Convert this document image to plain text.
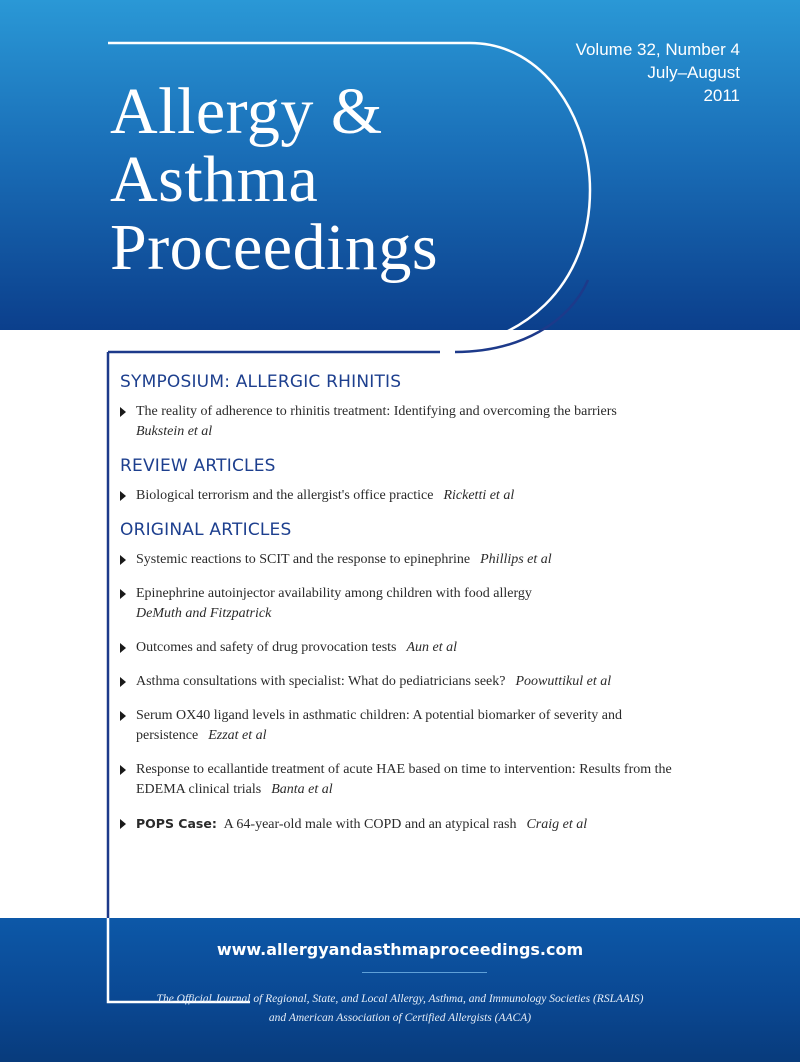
Volume 32, Number 4
July–August
2011
Allergy &
Asthma
Proceedings
SYMPOSIUM: ALLERGIC RHINITIS
The reality of adherence to rhinitis treatment: Identifying and overcoming the barriers
Bukstein et al
REVIEW ARTICLES
Biological terrorism and the allergist's office practice Ricketti et al
ORIGINAL ARTICLES
Systemic reactions to SCIT and the response to epinephrine Phillips et al
Epinephrine autoinjector availability among children with food allergy
DeMuth and Fitzpatrick
Outcomes and safety of drug provocation tests Aun et al
Asthma consultations with specialist: What do pediatricians seek? Poowuttikul et al
Serum OX40 ligand levels in asthmatic children: A potential biomarker of severity and persistence Ezzat et al
Response to ecallantide treatment of acute HAE based on time to intervention: Results from the EDEMA clinical trials Banta et al
POPS Case: A 64-year-old male with COPD and an atypical rash Craig et al
www.allergyandasthmaproceedings.com
The Official Journal of Regional, State, and Local Allergy, Asthma, and Immunology Societies (RSLAAIS)
and American Association of Certified Allergists (AACA)
